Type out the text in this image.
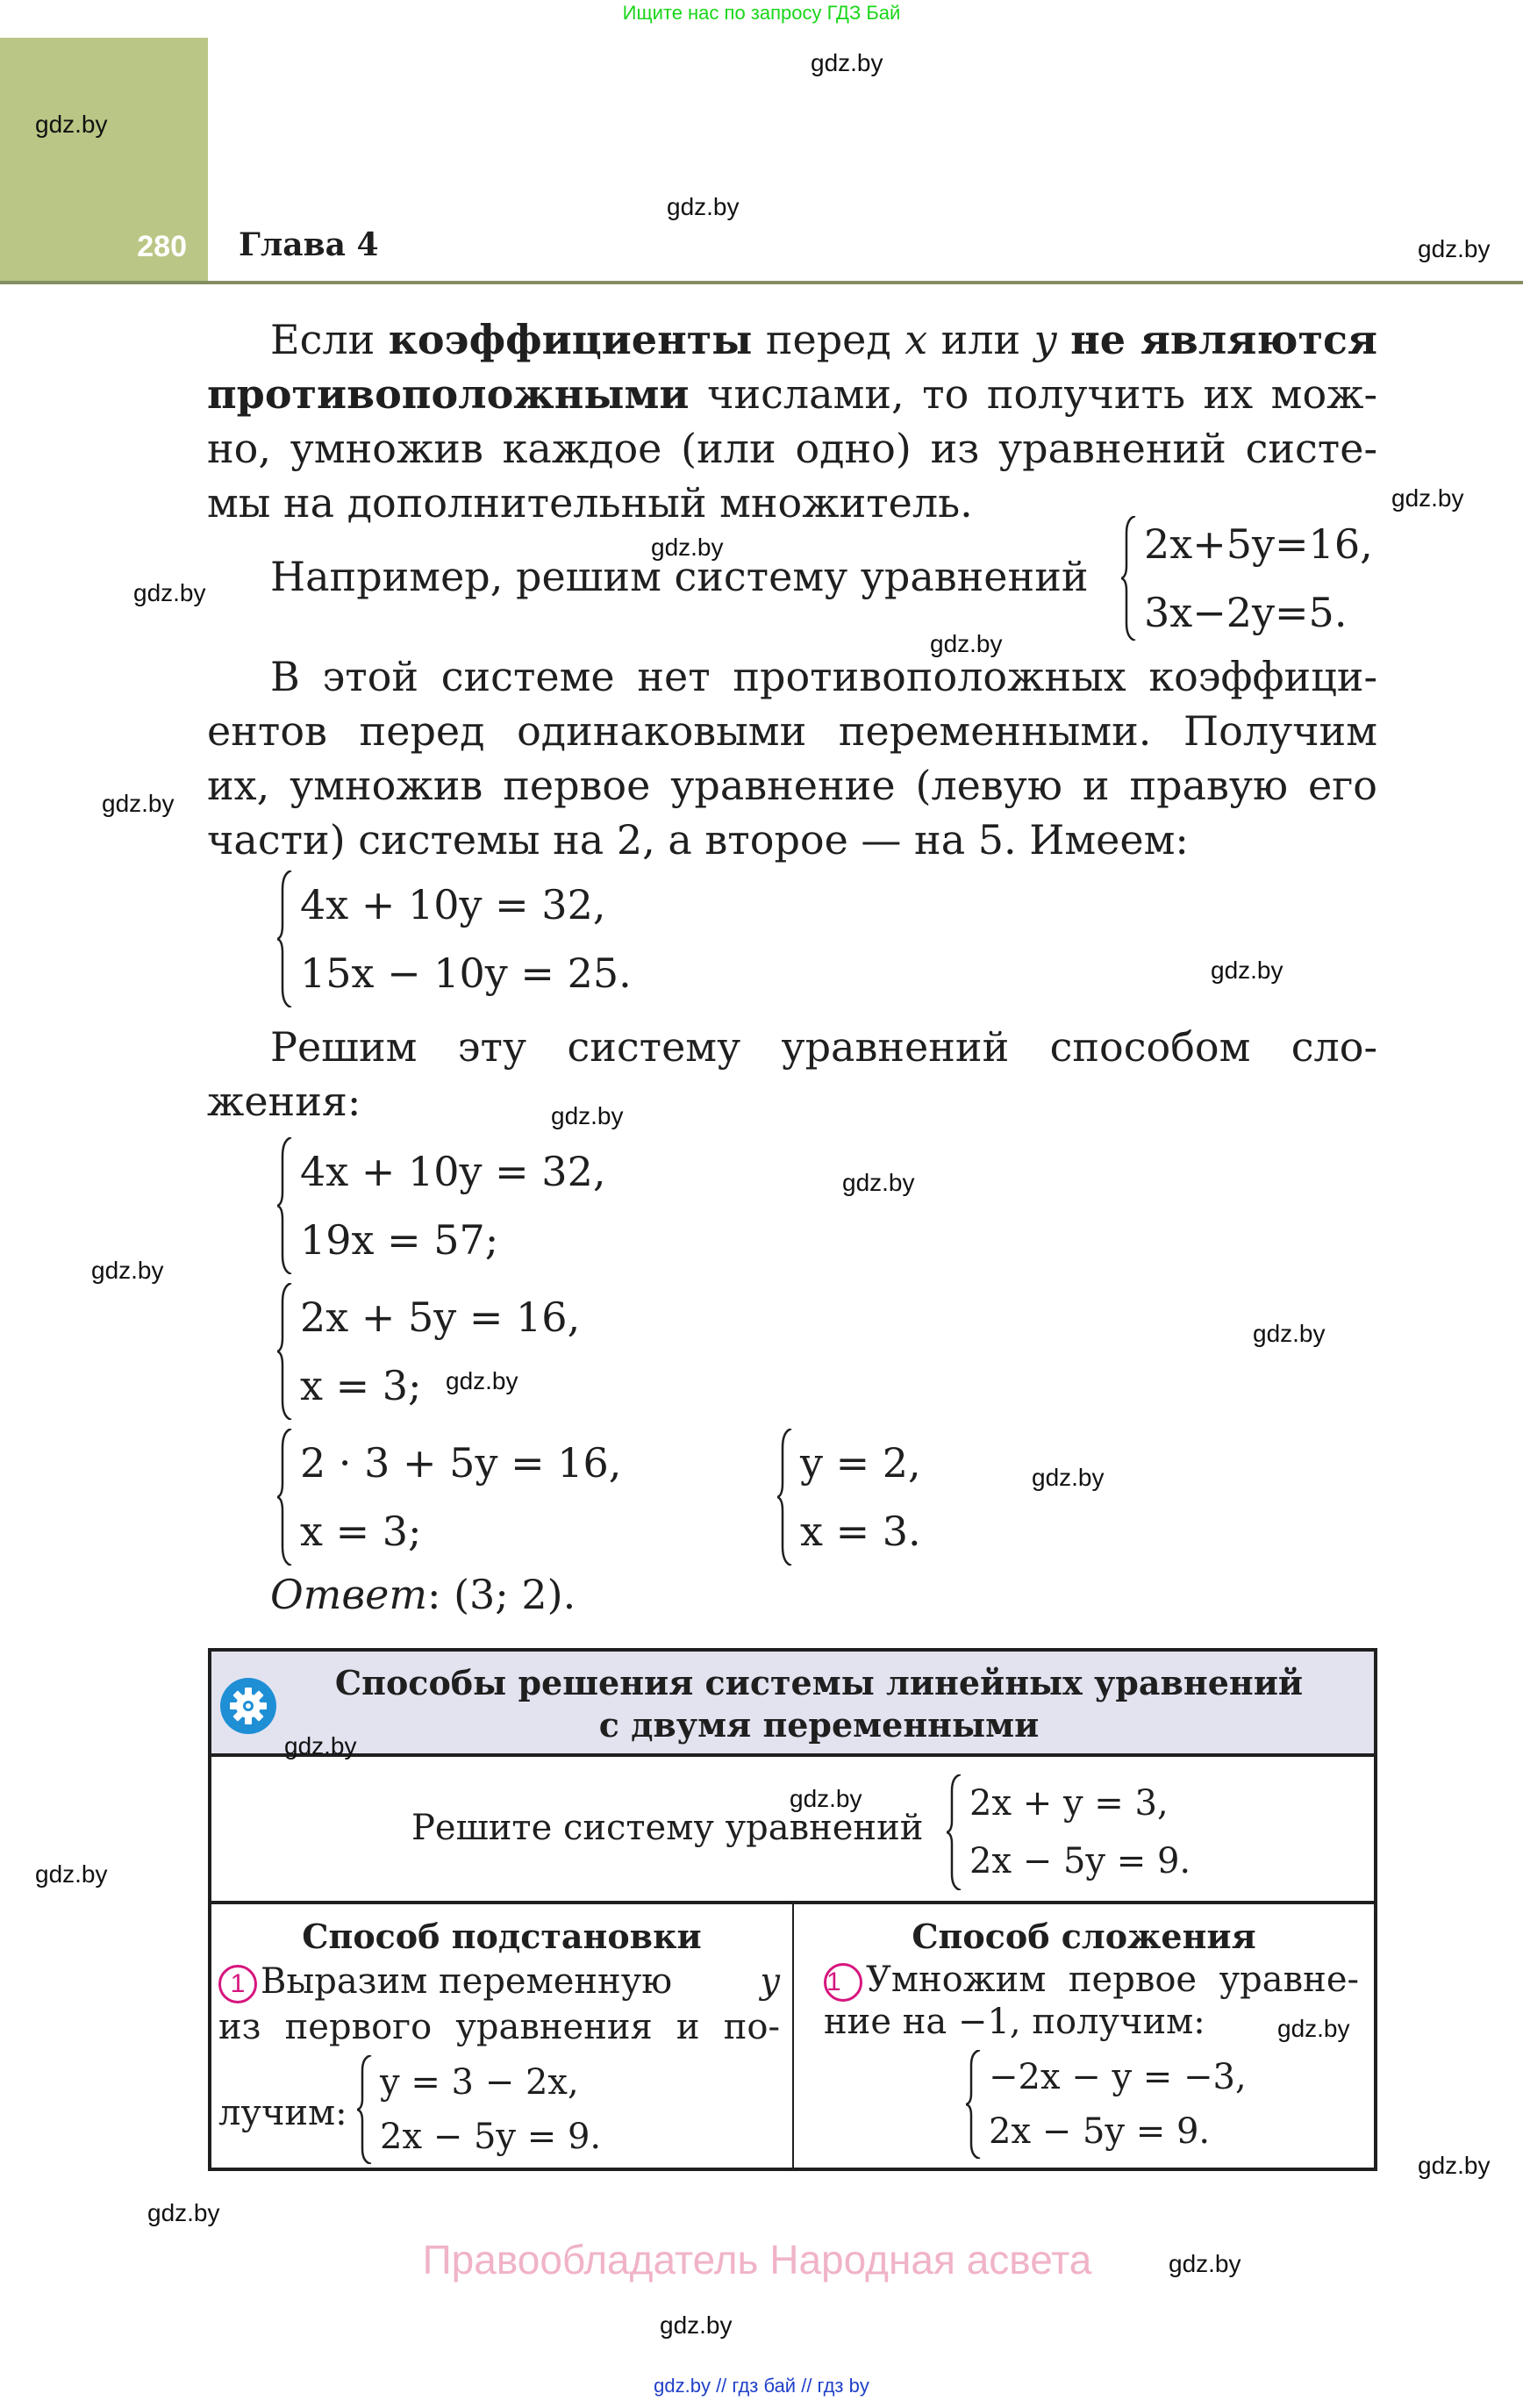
Ищите нас по запросу ГДЗ Бай
280 Глава 4
Если коэффициенты перед x или y не являются
противоположными числами, то получить их мож-
но, умножив каждое (или одно) из уравнений систе-
мы на дополнительный множитель.
Например, решим систему уравнений
2x+5y=16,
3x−2y=5.
В этой системе нет противоположных коэффици-
ентов перед одинаковыми переменными. Получим
их, умножив первое уравнение (левую и правую его
части) системы на 2, а второе — на 5. Имеем:
4x + 10y = 32,
15x − 10y = 25.
Решим эту систему уравнений способом сло-
жения:
4x + 10y = 32,
19x = 57;
2x + 5y = 16,
x = 3;
2 · 3 + 5y = 16,
x = 3;
y = 2,
x = 3.
Ответ: (3; 2).
Способы решения системы линейных уравнений
с двумя переменными
Решите систему уравнений
2x + y = 3,
2x − 5y = 9.
Способ подстановки
1 Выразим переменную	y
из первого уравнения и по-
лучим:
y = 3 − 2x,
2x − 5y = 9.
Способ сложения
1 Умножим первое уравне-
ние на −1, получим:
−2x − y = −3,
2x − 5y = 9.
Правообладатель Народная асвета
gdz.by // гдз бай // гдз by
gdz.by
gdz.by
gdz.by
gdz.by
gdz.by
gdz.by
gdz.by
gdz.by
gdz.by
gdz.by
gdz.by
gdz.by
gdz.by
gdz.by
gdz.by
gdz.by
gdz.by
gdz.by
gdz.by
gdz.by
gdz.by
gdz.by
gdz.by
gdz.by
